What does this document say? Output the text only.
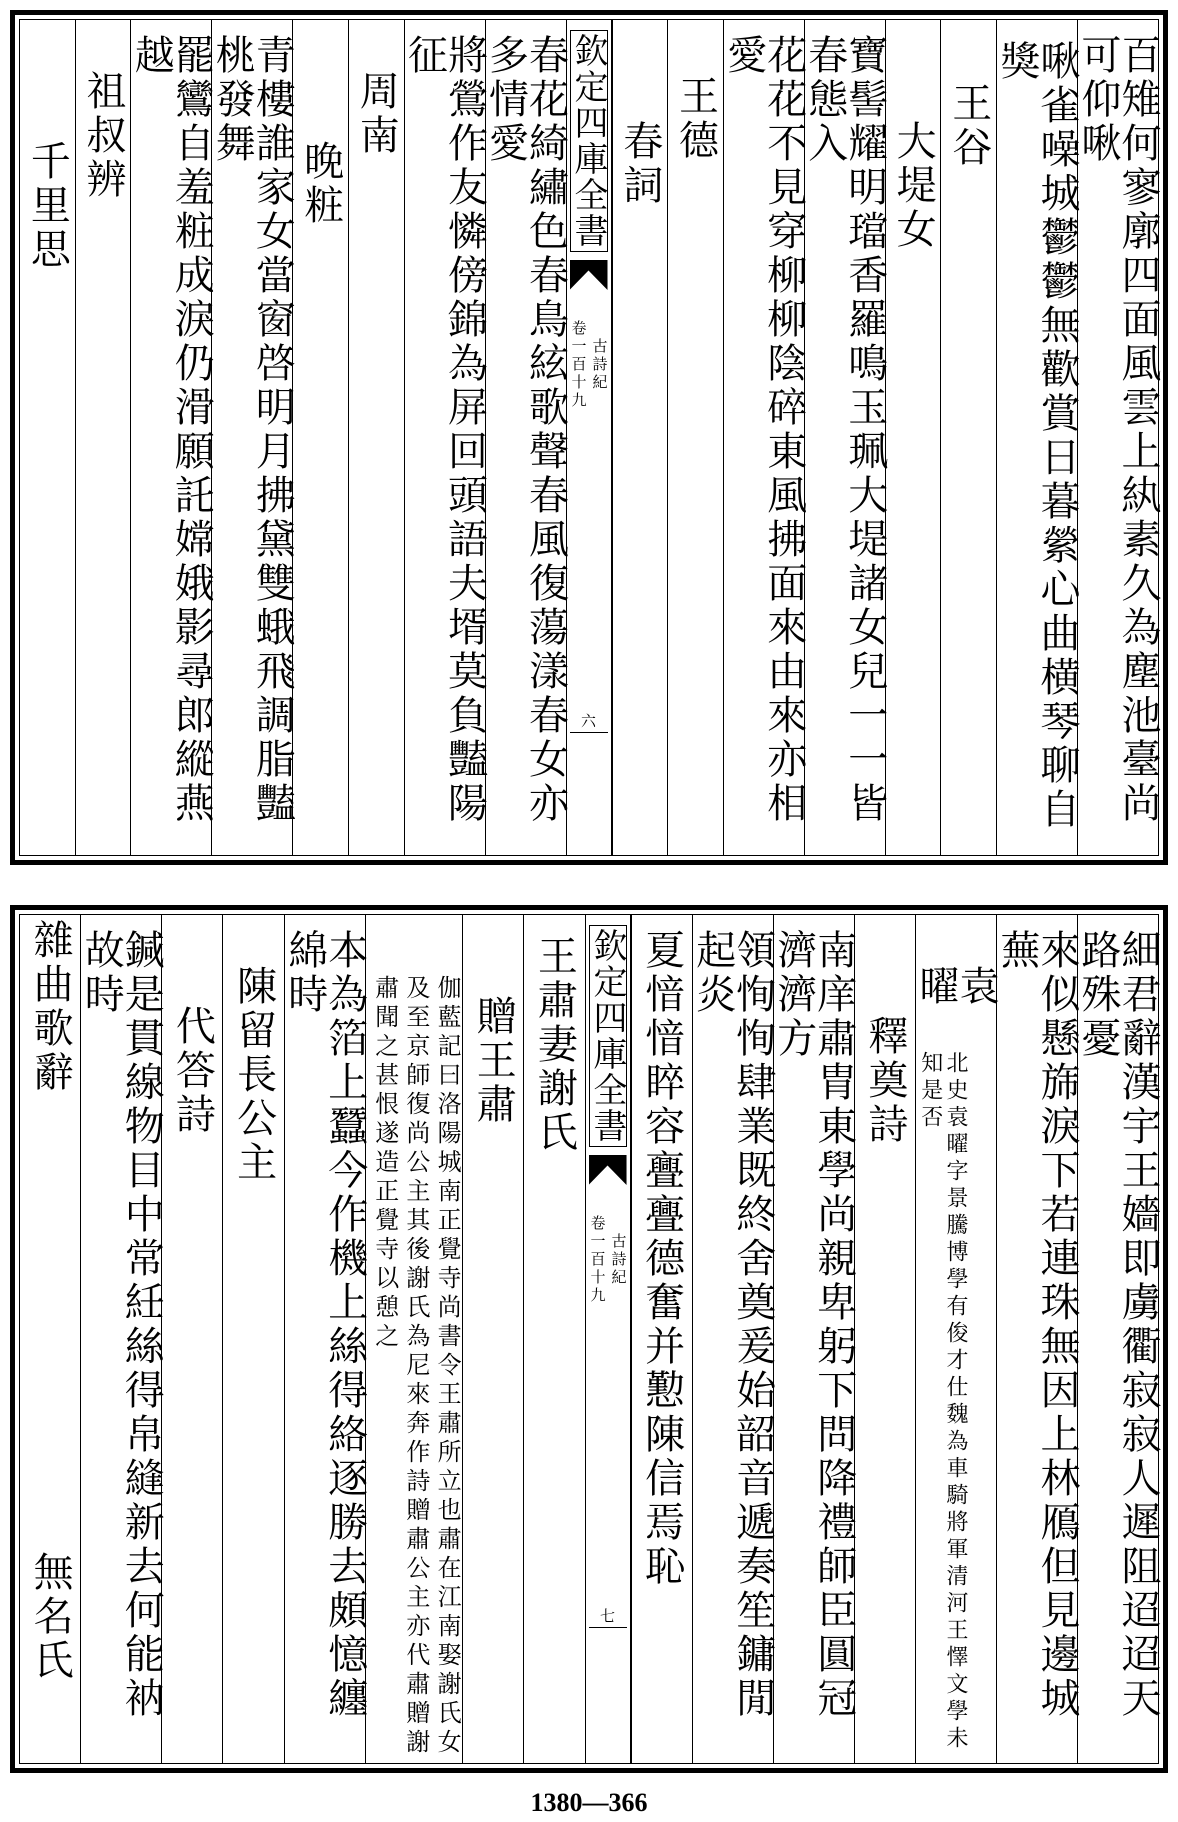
百雉何寥廓四面風雲上紈素久為塵池臺尚可仰啾
啾雀噪城鬱鬱無歡賞日暮縈心曲横琴聊自獎
王谷
大堤女
寶髻耀明璫香羅鳴玉珮大堤諸女兒一一皆春態入
花花不見穿柳柳陰碎東風拂面來由來亦相愛
王德
春詞
欽定四庫全書
古詩紀
卷一百十九
六
春花綺繡色春鳥絃歌聲春風復蕩漾春女亦多情愛
將鶯作友憐傍錦為屏回頭語夫壻莫負豔陽征
周南
晚粧
青樓誰家女當窗啓明月拂黛雙蛾飛調脂豔桃發舞
罷鸞自羞粧成淚仍滑願託嫦娥影尋郎縱燕越
祖叔辨
千里思
細君辭漢宇王嬙即虜衢寂寂人遲阻迢迢天路殊憂
來似懸旆淚下若連珠無因上林鴈但見邊城蕪
袁曜
北史袁曜字景騰博學有俊才仕魏為車騎將軍清河王懌文學未知是否
釋奠詩
南庠肅胄東學尚親卑躬下問降禮師臣圓冠濟濟方
領恂恂肆業既終舍奠爰始韶音遞奏笙鏞閒起炎
夏愔愔睟容亹亹德奮并懃陳信焉恥
欽定四庫全書
古詩紀
卷一百十九
七
王肅妻謝氏
贈王肅
伽藍記曰洛陽城南正覺寺尚書令王肅所立也肅在江南娶謝氏女及至京師復尚公主其後謝氏為尼來奔作詩贈肅公主亦代肅贈謝肅聞之甚恨遂造正覺寺以憩之
本為箔上蠶今作機上絲得絡逐勝去頗憶纏綿時
陳留長公主
代答詩
鍼是貫線物目中常紝絲得帛縫新去何能衲故時
雜曲歌辭
無名氏
1380—366
